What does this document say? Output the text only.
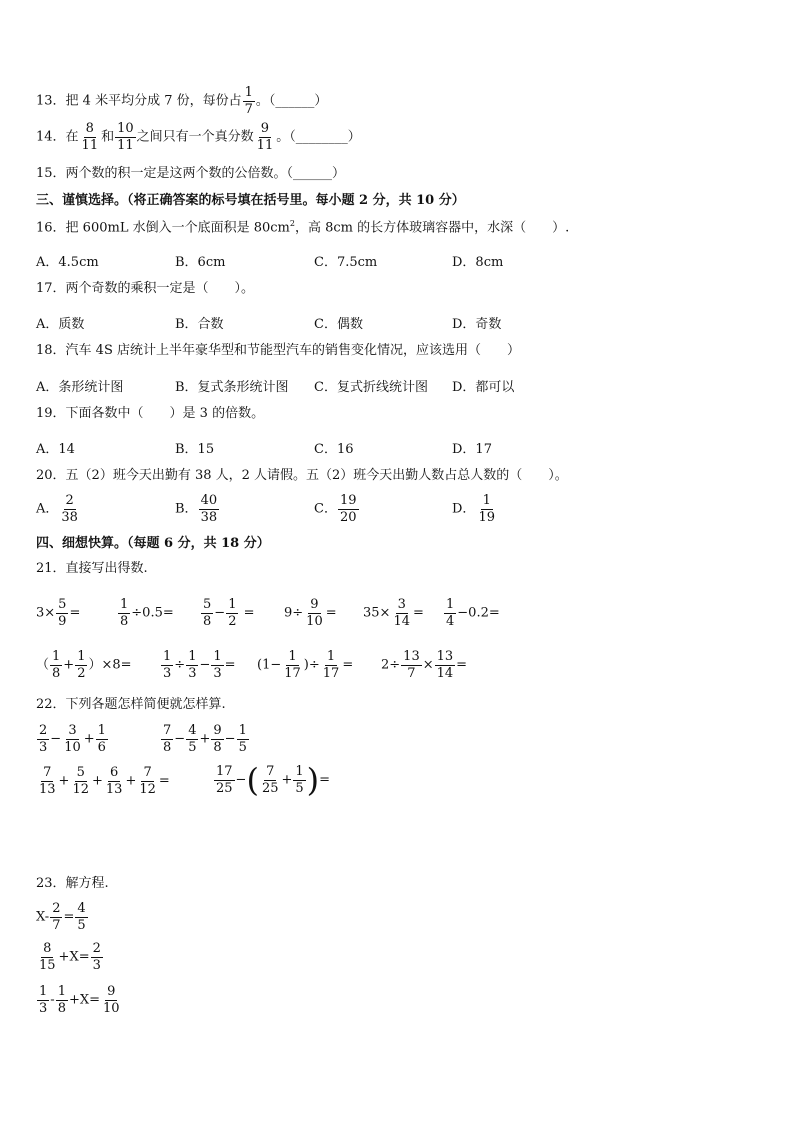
13．把 4 米平均分成 7 份，每份占 $\frac{1}{7}$ 。（______）
14．在 $\frac{8}{11}$ 和 $\frac{10}{11}$ 之间只有一个真分数 $\frac{9}{11}$ 。（________）
15．两个数的积一定是这两个数的公倍数。（______）
三、谨慎选择。（将正确答案的标号填在括号里。每小题 2 分，共 10 分）
16．把 600mL 水倒入一个底面积是 $80cm^2$，高 8cm 的长方体玻璃容器中，水深（　　）.
A．4.5cm	B．6cm	C．7.5cm	D．8cm
17．两个奇数的乘积一定是（　　）。
A．质数	B．合数	C．偶数	D．奇数
18．汽车 4S 店统计上半年豪华型和节能型汽车的销售变化情况，应该选用（　　）
A．条形统计图	B．复式条形统计图 C．复式折线统计图 D．都可以
19．下面各数中（　　）是 3 的倍数。
A．14	B．15	C．16	D．17
20．五（2）班今天出勤有 38 人，2 人请假。五（2）班今天出勤人数占总人数的（　　）。
A． $\frac{2}{38}$	B． $\frac{40}{38}$	C． $\frac{19}{20}$	D． $\frac{1}{19}$
四、细想快算。（每题 6 分，共 18 分）
21．直接写出得数.
$3\times \frac{5}{9}$ =	$\frac{1}{8} \div 0.5= \frac{5}{8} - \frac{1}{2} = 9\div \frac{9}{10} = 35\times \frac{3}{14} = \frac{1}{4} -0.2=$
（ $\frac{1}{8} + \frac{1}{2} )\times 8= \frac{1}{3} \div \frac{1}{3} - \frac{1}{3} = (1- \frac{1}{17}$ )÷ $\frac{1}{17} = 2\div \frac{13}{7} \times \frac{13}{14}$ =
22．下列各题怎样简便就怎样算.
$\frac{2}{3} - \frac{3}{10} + \frac{1}{6}$	$\frac{7}{8} - \frac{4}{5} + \frac{9}{8} - \frac{1}{5}$
$\frac{7}{13} + \frac{5}{12} + \frac{6}{13} + \frac{7}{12}$ =	$\frac{17}{25}$ −( $\frac{7}{25} + \frac{1}{5}$ )=
23．解方程.
$X- \frac{2}{7} = \frac{4}{5}$
$\frac{8}{15} +X= \frac{2}{3}$
$\frac{1}{3} - \frac{1}{8} +X= \frac{9}{10}$
